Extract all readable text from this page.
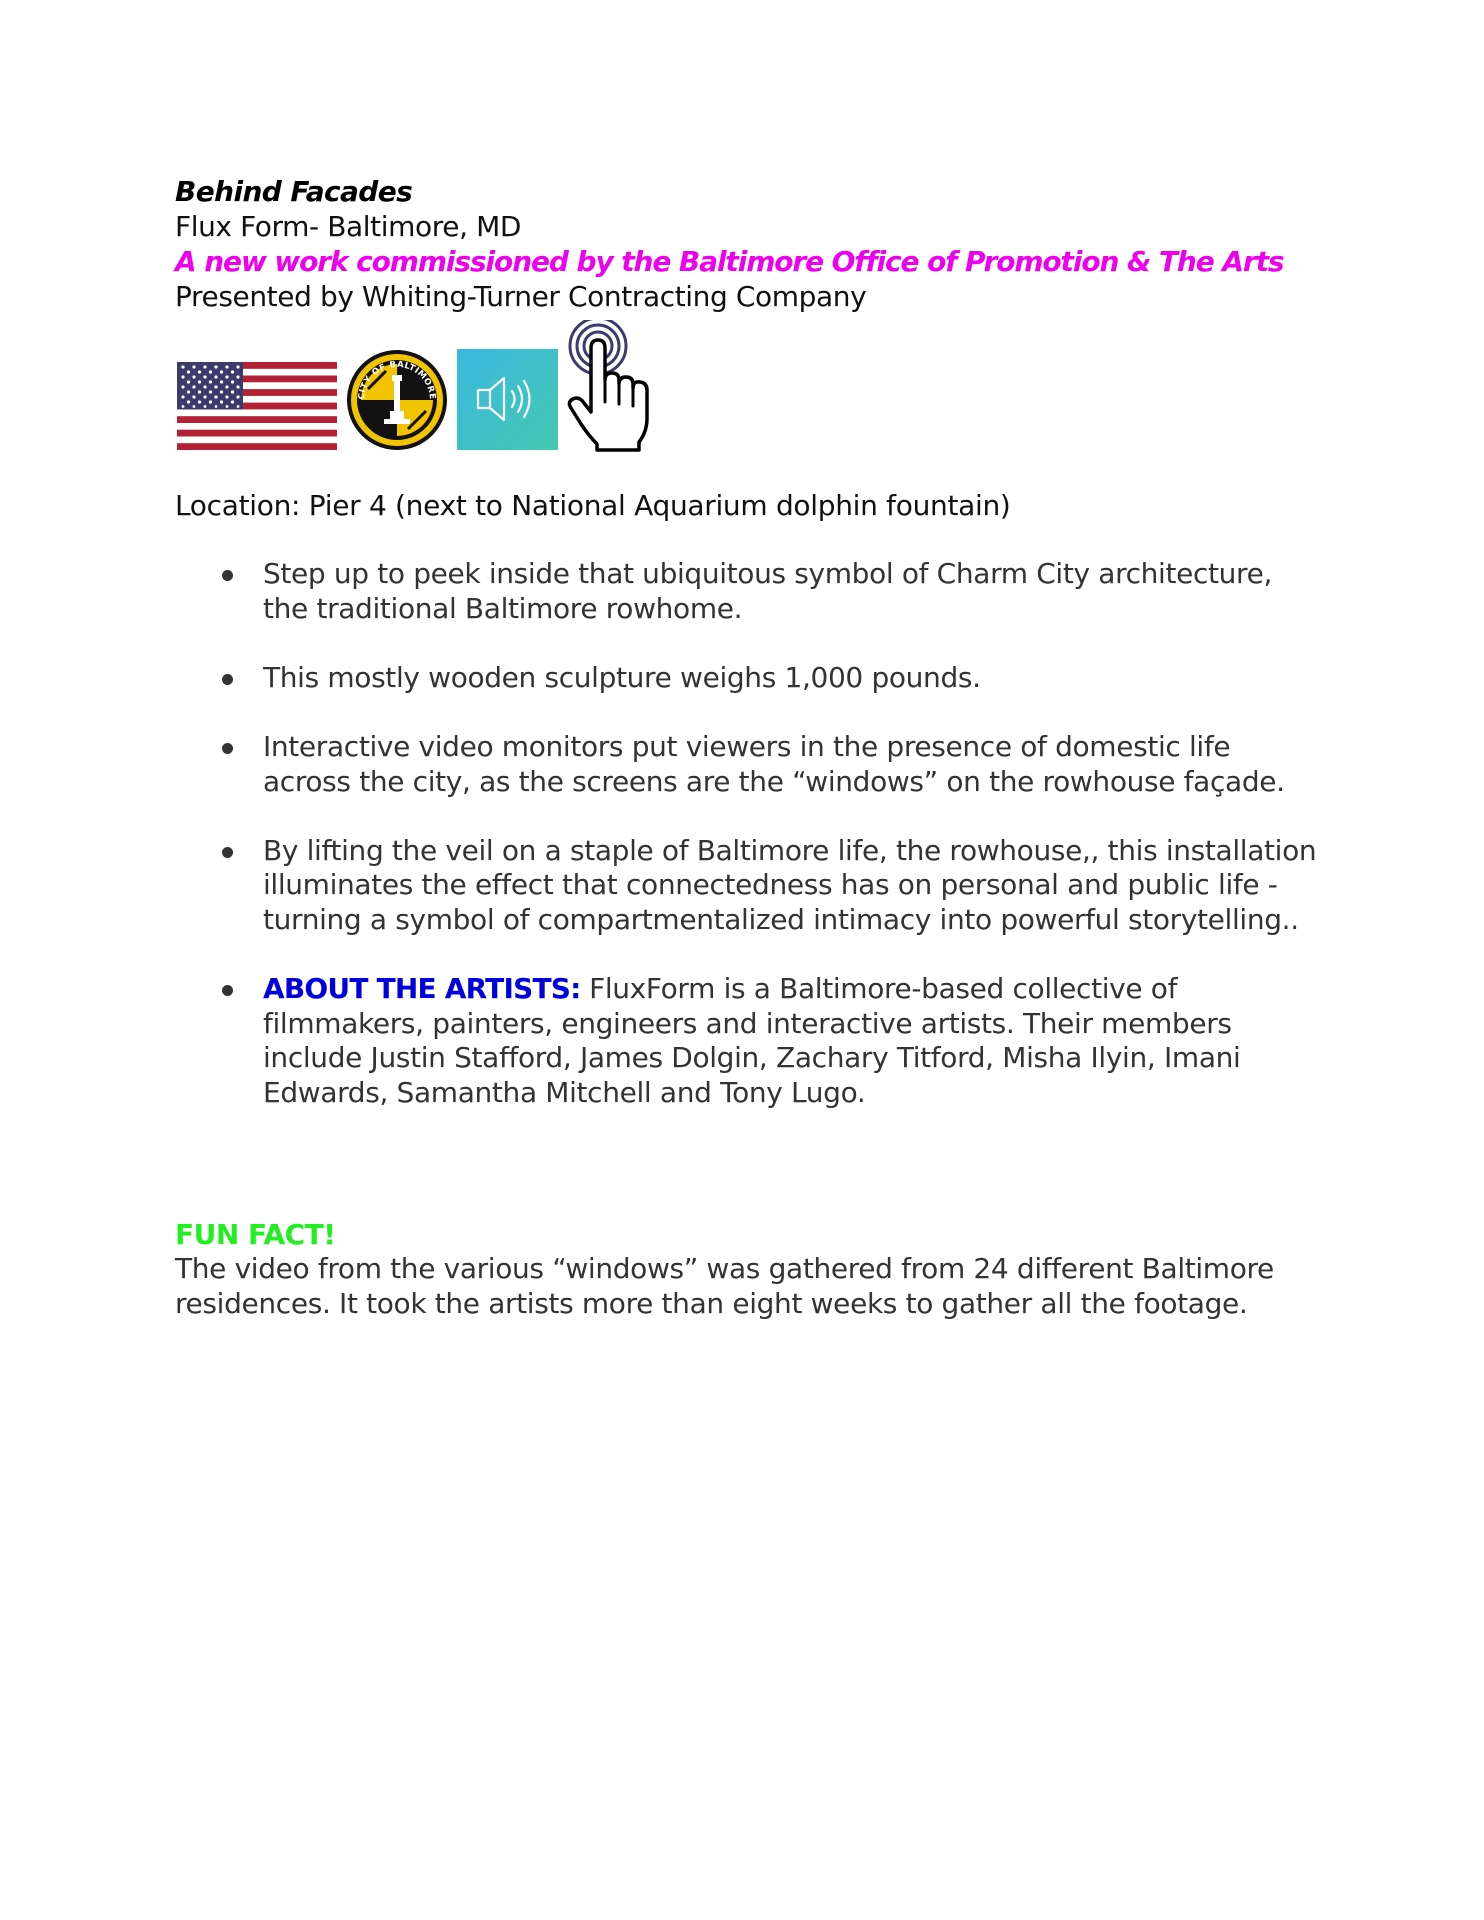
Behind Facades
Flux Form- Baltimore, MD
A new work commissioned by the Baltimore Office of Promotion & The Arts
Presented by Whiting-Turner Contracting Company
CITY OF BALTIMORE
Location: Pier 4 (next to National Aquarium dolphin fountain)
Step up to peek inside that ubiquitous symbol of Charm City architecture, the traditional Baltimore rowhome.
This mostly wooden sculpture weighs 1,000 pounds.
Interactive video monitors put viewers in the presence of domestic life across the city, as the screens are the “windows” on the rowhouse façade.
By lifting the veil on a staple of Baltimore life, the rowhouse,, this installation illuminates the effect that connectedness has on personal and public life - turning a symbol of compartmentalized intimacy into powerful storytelling..
ABOUT THE ARTISTS: FluxForm is a Baltimore-based collective of filmmakers, painters, engineers and interactive artists. Their members include Justin Stafford, James Dolgin, Zachary Titford, Misha Ilyin, Imani Edwards, Samantha Mitchell and Tony Lugo.
FUN FACT!
The video from the various “windows” was gathered from 24 different Baltimore residences. It took the artists more than eight weeks to gather all the footage.
